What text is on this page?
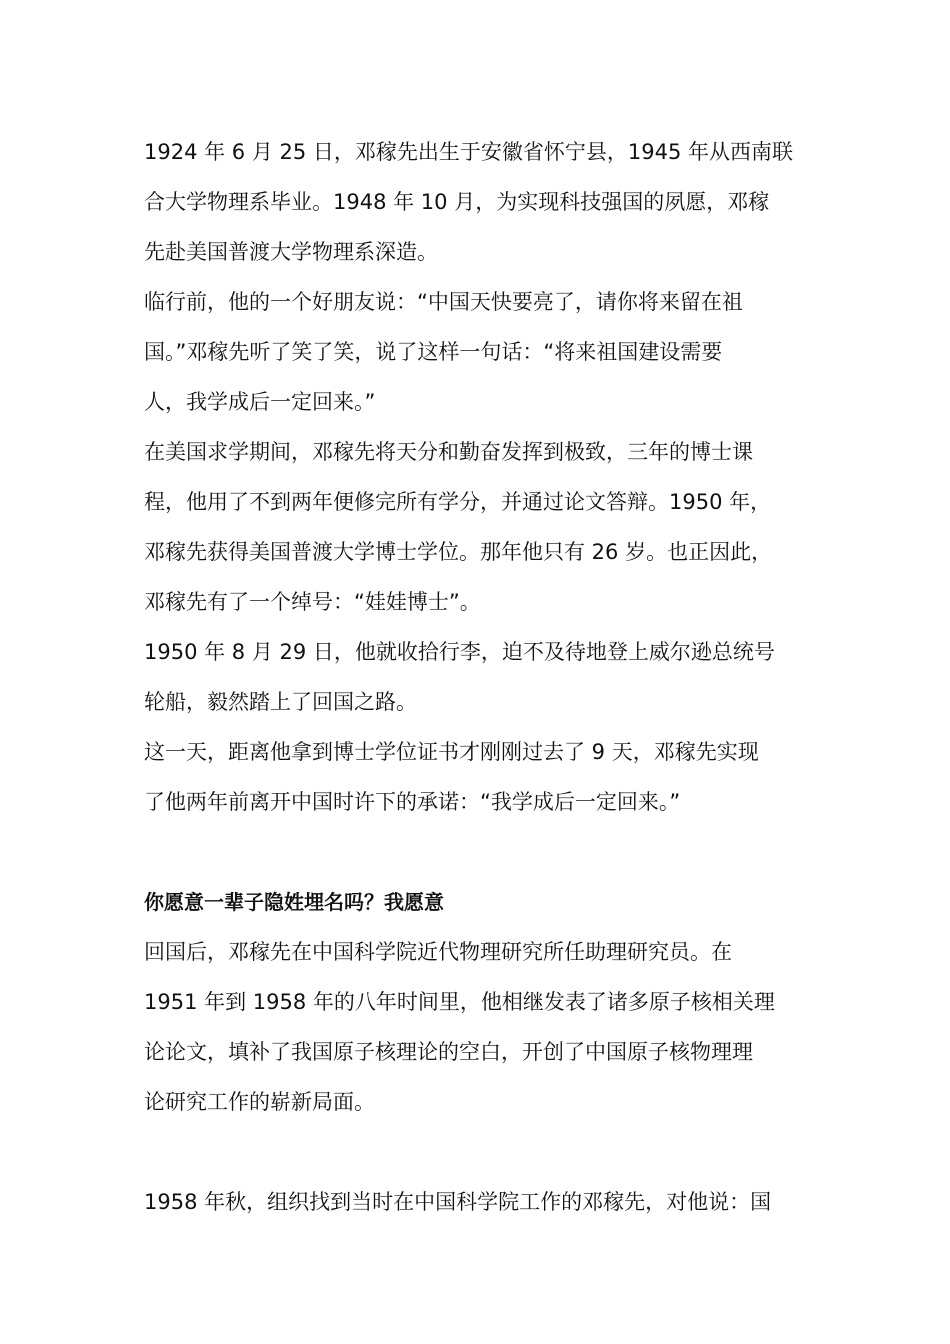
1924 年 6 月 25 日，邓稼先出生于安徽省怀宁县，1945 年从西南联
合大学物理系毕业。1948 年 10 月，为实现科技强国的夙愿，邓稼
先赴美国普渡大学物理系深造。
临行前，他的一个好朋友说：“中国天快要亮了，请你将来留在祖
国。”邓稼先听了笑了笑，说了这样一句话：“将来祖国建设需要
人，我学成后一定回来。”
在美国求学期间，邓稼先将天分和勤奋发挥到极致，三年的博士课
程，他用了不到两年便修完所有学分，并通过论文答辩。1950 年，
邓稼先获得美国普渡大学博士学位。那年他只有 26 岁。也正因此，
邓稼先有了一个绰号：“娃娃博士”。
1950 年 8 月 29 日，他就收拾行李，迫不及待地登上威尔逊总统号
轮船，毅然踏上了回国之路。
这一天，距离他拿到博士学位证书才刚刚过去了 9 天，邓稼先实现
了他两年前离开中国时许下的承诺：“我学成后一定回来。”
你愿意一辈子隐姓埋名吗？我愿意
回国后，邓稼先在中国科学院近代物理研究所任助理研究员。在
1951 年到 1958 年的八年时间里，他相继发表了诸多原子核相关理
论论文，填补了我国原子核理论的空白，开创了中国原子核物理理
论研究工作的崭新局面。
1958 年秋，组织找到当时在中国科学院工作的邓稼先，对他说：国
